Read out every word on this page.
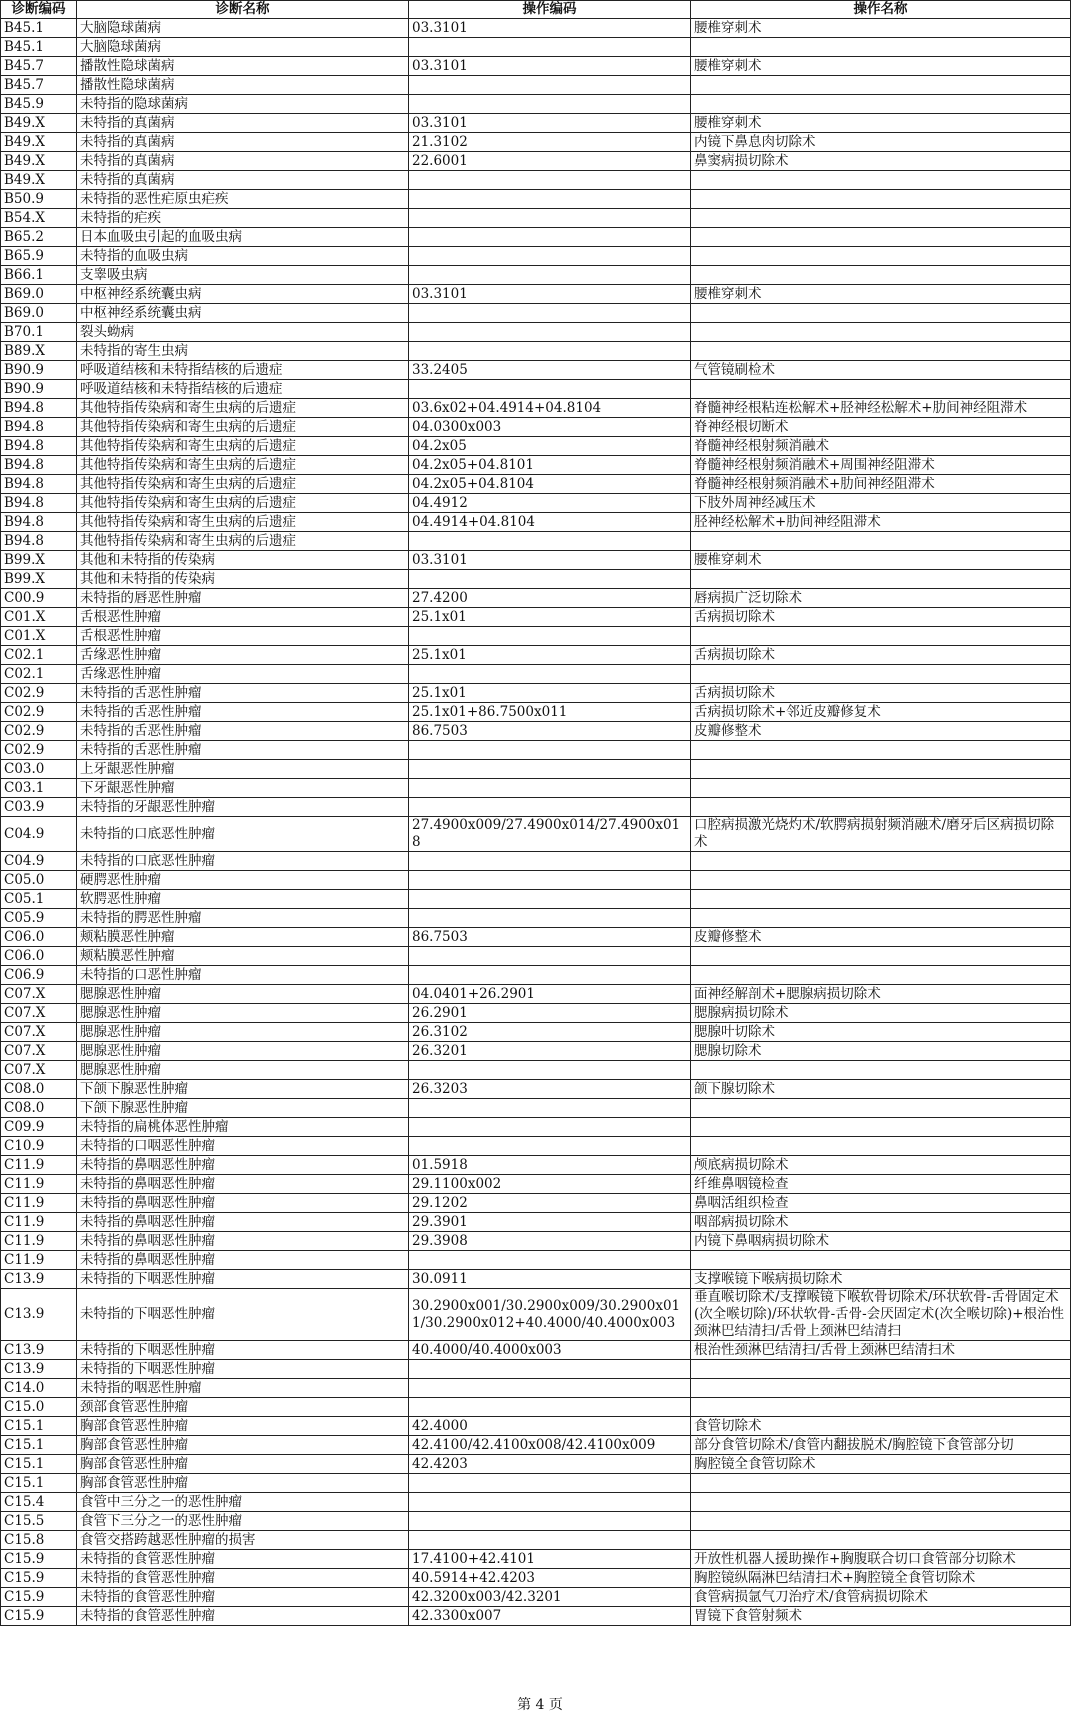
诊断编码	诊断名称	操作编码	操作名称
B45.1	大脑隐球菌病	03.3101	腰椎穿刺术
B45.1	大脑隐球菌病		
B45.7	播散性隐球菌病	03.3101	腰椎穿刺术
B45.7	播散性隐球菌病		
B45.9	未特指的隐球菌病		
B49.X	未特指的真菌病	03.3101	腰椎穿刺术
B49.X	未特指的真菌病	21.3102	内镜下鼻息肉切除术
B49.X	未特指的真菌病	22.6001	鼻窦病损切除术
B49.X	未特指的真菌病		
B50.9	未特指的恶性疟原虫疟疾		
B54.X	未特指的疟疾		
B65.2	日本血吸虫引起的血吸虫病		
B65.9	未特指的血吸虫病		
B66.1	支睾吸虫病		
B69.0	中枢神经系统囊虫病	03.3101	腰椎穿刺术
B69.0	中枢神经系统囊虫病		
B70.1	裂头蚴病		
B89.X	未特指的寄生虫病		
B90.9	呼吸道结核和未特指结核的后遗症	33.2405	气管镜刷检术
B90.9	呼吸道结核和未特指结核的后遗症		
B94.8	其他特指传染病和寄生虫病的后遗症	03.6x02+04.4914+04.8104	脊髓神经根粘连松解术+胫神经松解术+肋间神经阻滞术
B94.8	其他特指传染病和寄生虫病的后遗症	04.0300x003	脊神经根切断术
B94.8	其他特指传染病和寄生虫病的后遗症	04.2x05	脊髓神经根射频消融术
B94.8	其他特指传染病和寄生虫病的后遗症	04.2x05+04.8101	脊髓神经根射频消融术+周围神经阻滞术
B94.8	其他特指传染病和寄生虫病的后遗症	04.2x05+04.8104	脊髓神经根射频消融术+肋间神经阻滞术
B94.8	其他特指传染病和寄生虫病的后遗症	04.4912	下肢外周神经减压术
B94.8	其他特指传染病和寄生虫病的后遗症	04.4914+04.8104	胫神经松解术+肋间神经阻滞术
B94.8	其他特指传染病和寄生虫病的后遗症		
B99.X	其他和未特指的传染病	03.3101	腰椎穿刺术
B99.X	其他和未特指的传染病		
C00.9	未特指的唇恶性肿瘤	27.4200	唇病损广泛切除术
C01.X	舌根恶性肿瘤	25.1x01	舌病损切除术
C01.X	舌根恶性肿瘤		
C02.1	舌缘恶性肿瘤	25.1x01	舌病损切除术
C02.1	舌缘恶性肿瘤		
C02.9	未特指的舌恶性肿瘤	25.1x01	舌病损切除术
C02.9	未特指的舌恶性肿瘤	25.1x01+86.7500x011	舌病损切除术+邻近皮瓣修复术
C02.9	未特指的舌恶性肿瘤	86.7503	皮瓣修整术
C02.9	未特指的舌恶性肿瘤		
C03.0	上牙龈恶性肿瘤		
C03.1	下牙龈恶性肿瘤		
C03.9	未特指的牙龈恶性肿瘤		
C04.9	未特指的口底恶性肿瘤	27.4900x009/27.4900x014/27.4900x018	口腔病损激光烧灼术/软腭病损射频消融术/磨牙后区病损切除术
C04.9	未特指的口底恶性肿瘤		
C05.0	硬腭恶性肿瘤		
C05.1	软腭恶性肿瘤		
C05.9	未特指的腭恶性肿瘤		
C06.0	颊粘膜恶性肿瘤	86.7503	皮瓣修整术
C06.0	颊粘膜恶性肿瘤		
C06.9	未特指的口恶性肿瘤		
C07.X	腮腺恶性肿瘤	04.0401+26.2901	面神经解剖术+腮腺病损切除术
C07.X	腮腺恶性肿瘤	26.2901	腮腺病损切除术
C07.X	腮腺恶性肿瘤	26.3102	腮腺叶切除术
C07.X	腮腺恶性肿瘤	26.3201	腮腺切除术
C07.X	腮腺恶性肿瘤		
C08.0	下颌下腺恶性肿瘤	26.3203	颌下腺切除术
C08.0	下颌下腺恶性肿瘤		
C09.9	未特指的扁桃体恶性肿瘤		
C10.9	未特指的口咽恶性肿瘤		
C11.9	未特指的鼻咽恶性肿瘤	01.5918	颅底病损切除术
C11.9	未特指的鼻咽恶性肿瘤	29.1100x002	纤维鼻咽镜检查
C11.9	未特指的鼻咽恶性肿瘤	29.1202	鼻咽活组织检查
C11.9	未特指的鼻咽恶性肿瘤	29.3901	咽部病损切除术
C11.9	未特指的鼻咽恶性肿瘤	29.3908	内镜下鼻咽病损切除术
C11.9	未特指的鼻咽恶性肿瘤		
C13.9	未特指的下咽恶性肿瘤	30.0911	支撑喉镜下喉病损切除术
C13.9	未特指的下咽恶性肿瘤	30.2900x001/30.2900x009/30.2900x011/30.2900x012+40.4000/40.4000x003	垂直喉切除术/支撑喉镜下喉软骨切除术/环状软骨-舌骨固定术(次全喉切除)/环状软骨-舌骨-会厌固定术(次全喉切除)+根治性颈淋巴结清扫/舌骨上颈淋巴结清扫
C13.9	未特指的下咽恶性肿瘤	40.4000/40.4000x003	根治性颈淋巴结清扫/舌骨上颈淋巴结清扫术
C13.9	未特指的下咽恶性肿瘤		
C14.0	未特指的咽恶性肿瘤		
C15.0	颈部食管恶性肿瘤		
C15.1	胸部食管恶性肿瘤	42.4000	食管切除术
C15.1	胸部食管恶性肿瘤	42.4100/42.4100x008/42.4100x009	部分食管切除术/食管内翻拔脱术/胸腔镜下食管部分切
C15.1	胸部食管恶性肿瘤	42.4203	胸腔镜全食管切除术
C15.1	胸部食管恶性肿瘤		
C15.4	食管中三分之一的恶性肿瘤		
C15.5	食管下三分之一的恶性肿瘤		
C15.8	食管交搭跨越恶性肿瘤的损害		
C15.9	未特指的食管恶性肿瘤	17.4100+42.4101	开放性机器人援助操作+胸腹联合切口食管部分切除术
C15.9	未特指的食管恶性肿瘤	40.5914+42.4203	胸腔镜纵隔淋巴结清扫术+胸腔镜全食管切除术
C15.9	未特指的食管恶性肿瘤	42.3200x003/42.3201	食管病损氩气刀治疗术/食管病损切除术
C15.9	未特指的食管恶性肿瘤	42.3300x007	胃镜下食管射频术
第 4 页
